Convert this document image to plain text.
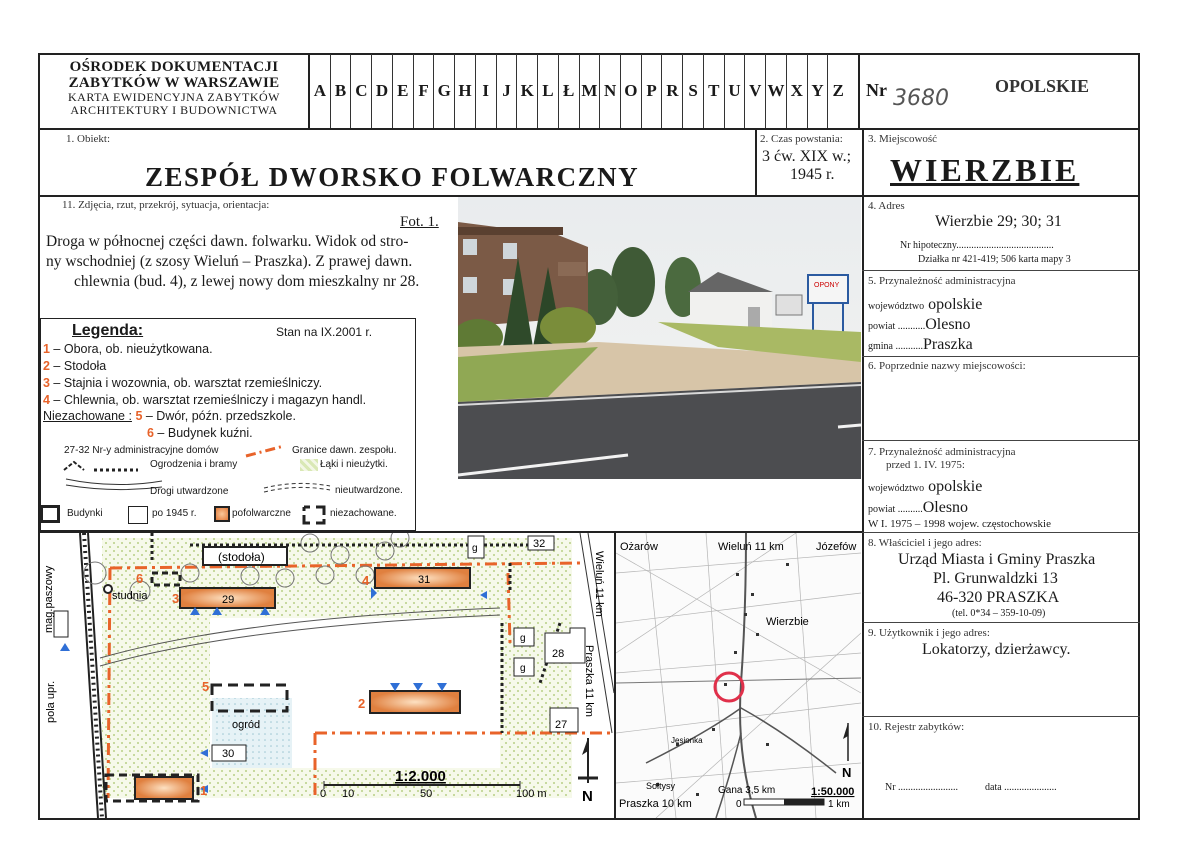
OŚRODEK DOKUMENTACJI
ZABYTKÓW W WARSZAWIE
KARTA EWIDENCYJNA ZABYTKÓW
ARCHITEKTURY I BUDOWNICTWA
A B C D E F G H I J K L Ł M N O P R S T U V W X Y Z Nr 3680	OPOLSKIE
1. Obiekt:
ZESPÓŁ DWORSKO FOLWARCZNY
2. Czas powstania:
3 ćw. XIX w.;
1945 r.
3. Miejscowość
WIERZBIE
11. Zdjęcia, rzut, przekrój, sytuacja, orientacja:
Fot. 1.
Droga w północnej części dawn. folwarku. Widok od stro-
ny wschodniej (z szosy Wieluń – Praszka). Z prawej dawn.
chlewnia (bud. 4), z lewej nowy dom mieszkalny nr 28.	OPONY
Legenda:	Stan na IX.2001 r.
1 – Obora, ob. nieużytkowana.
2 – Stodoła
3 – Stajnia i wozownia, ob. warsztat rzemieślniczy.
4 – Chlewnia, ob. warsztat rzemieślniczy i magazyn handl.
Niezachowane : 5 – Dwór, późn. przedszkole.
6 – Budynek kuźni.
27-32 Nr-y administracyjne domów	Granice dawn. zespołu.
Ogrodzenia i bramy	Łąki i nieużytki.
Drogi utwardzone	nieutwardzone.
Budynki	po 1945 r.	pofolwarczne	niezachowane.
(stodoła)
31
29
g	32
g
g
28
27
30
studnia
ogród
3
4
6
5
2
1
mag.paszowy
pola upr.
Wieluń 11 km
Praszka 11 km
1:2.000
0 10	50	100 m N
Ożarów	Wieluń 11 km	Józefów
Wierzbie
Jesionka
Sołtysy
Praszka 10 km
Gana 3,5 km	1:50.000
0	1 km
N
4. Adres
Wierzbie 29; 30; 31
Nr hipoteczny.......................................
Działka nr 421-419; 506 karta mapy 3
5. Przynależność administracyjna
województwo opolskie
powiat ...........Olesno
gmina ...........Praszka
6. Poprzednie nazwy miejscowości:
7. Przynależność administracyjna
przed 1. IV. 1975:
województwo opolskie
powiat ..........Olesno
W I. 1975 – 1998 wojew. częstochowskie
8. Właściciel i jego adres:
Urząd Miasta i Gminy Praszka
Pl. Grunwaldzki 13
46-320 PRASZKA
(tel. 0*34 – 359-10-09)
9. Użytkownik i jego adres:
Lokatorzy, dzierżawcy.
10. Rejestr zabytków:
Nr ........................	data .....................
